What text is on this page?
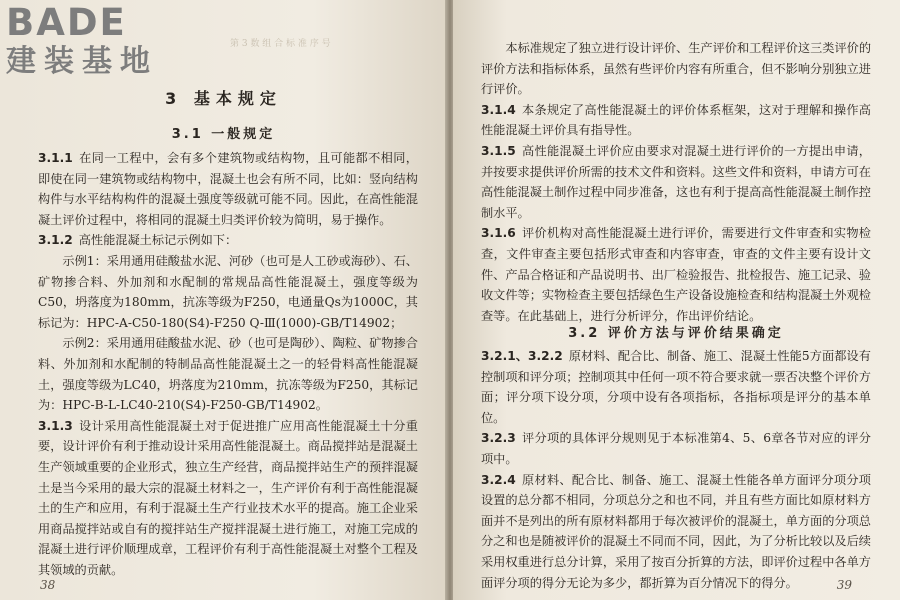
第 3 数 组 合 标 准 序 号
BADE
建装基地
3 基本规定
3.1 一般规定

3.1.1 在同一工程中，会有多个建筑物或结构物，且可能都不相同，即使在同一建筑物或结构物中，混凝土也会有所不同，比如：竖向结构构件与水平结构构件的混凝土强度等级就可能不同。因此，在高性能混凝土评价过程中，将相同的混凝土归类评价较为简明，易于操作。

3.1.2 高性能混凝土标记示例如下：

示例1：采用通用硅酸盐水泥、河砂（也可是人工砂或海砂）、石、矿物掺合料、外加剂和水配制的常规品高性能混凝土，强度等级为C50，坍落度为180mm，抗冻等级为F250，电通量Qs为1000C，其标记为：HPC-A-C50-180(S4)-F250 Q-Ⅲ(1000)-GB/T14902；

示例2：采用通用硅酸盐水泥、砂（也可是陶砂）、陶粒、矿物掺合料、外加剂和水配制的特制品高性能混凝土之一的轻骨料高性能混凝土，强度等级为LC40，坍落度为210mm，抗冻等级为F250，其标记为：HPC-B-L-LC40-210(S4)-F250-GB/T14902。

3.1.3 设计采用高性能混凝土对于促进推广应用高性能混凝土十分重要，设计评价有利于推动设计采用高性能混凝土。商品搅拌站是混凝土生产领域重要的企业形式，独立生产经营，商品搅拌站生产的预拌混凝土是当今采用的最大宗的混凝土材料之一，生产评价有利于高性能混凝土的生产和应用，有利于混凝土生产行业技术水平的提高。施工企业采用商品搅拌站或自有的搅拌站生产搅拌混凝土进行施工，对施工完成的混凝土进行评价顺理成章，工程评价有利于高性能混凝土对整个工程及其领域的贡献。

38

本标准规定了独立进行设计评价、生产评价和工程评价这三类评价的评价方法和指标体系，虽然有些评价内容有所重合，但不影响分别独立进行评价。

3.1.4 本条规定了高性能混凝土的评价体系框架，这对于理解和操作高性能混凝土评价具有指导性。

3.1.5 高性能混凝土评价应由要求对混凝土进行评价的一方提出申请，并按要求提供评价所需的技术文件和资料。这些文件和资料，申请方可在高性能混凝土制作过程中同步准备，这也有利于提高高性能混凝土制作控制水平。

3.1.6 评价机构对高性能混凝土进行评价，需要进行文件审查和实物检查，文件审查主要包括形式审查和内容审查，审查的文件主要有设计文件、产品合格证和产品说明书、出厂检验报告、批检报告、施工记录、验收文件等；实物检查主要包括绿色生产设备设施检查和结构混凝土外观检查等。在此基础上，进行分析评分，作出评价结论。

3.2 评价方法与评价结果确定

3.2.1、3.2.2 原材料、配合比、制备、施工、混凝土性能5方面都设有控制项和评分项；控制项其中任何一项不符合要求就一票否决整个评价方面；评分项下设分项，分项中设有各项指标，各指标项是评分的基本单位。

3.2.3 评分项的具体评分规则见于本标准第4、5、6章各节对应的评分项中。

3.2.4 原材料、配合比、制备、施工、混凝土性能各单方面评分项分项设置的总分都不相同，分项总分之和也不同，并且有些方面比如原材料方面并不是列出的所有原材料都用于每次被评价的混凝土，单方面的分项总分之和也是随被评价的混凝土不同而不同，因此，为了分析比较以及后续采用权重进行总分计算，采用了按百分折算的方法，即评价过程中各单方面评分项的得分无论为多少，都折算为百分情况下的得分。	39
